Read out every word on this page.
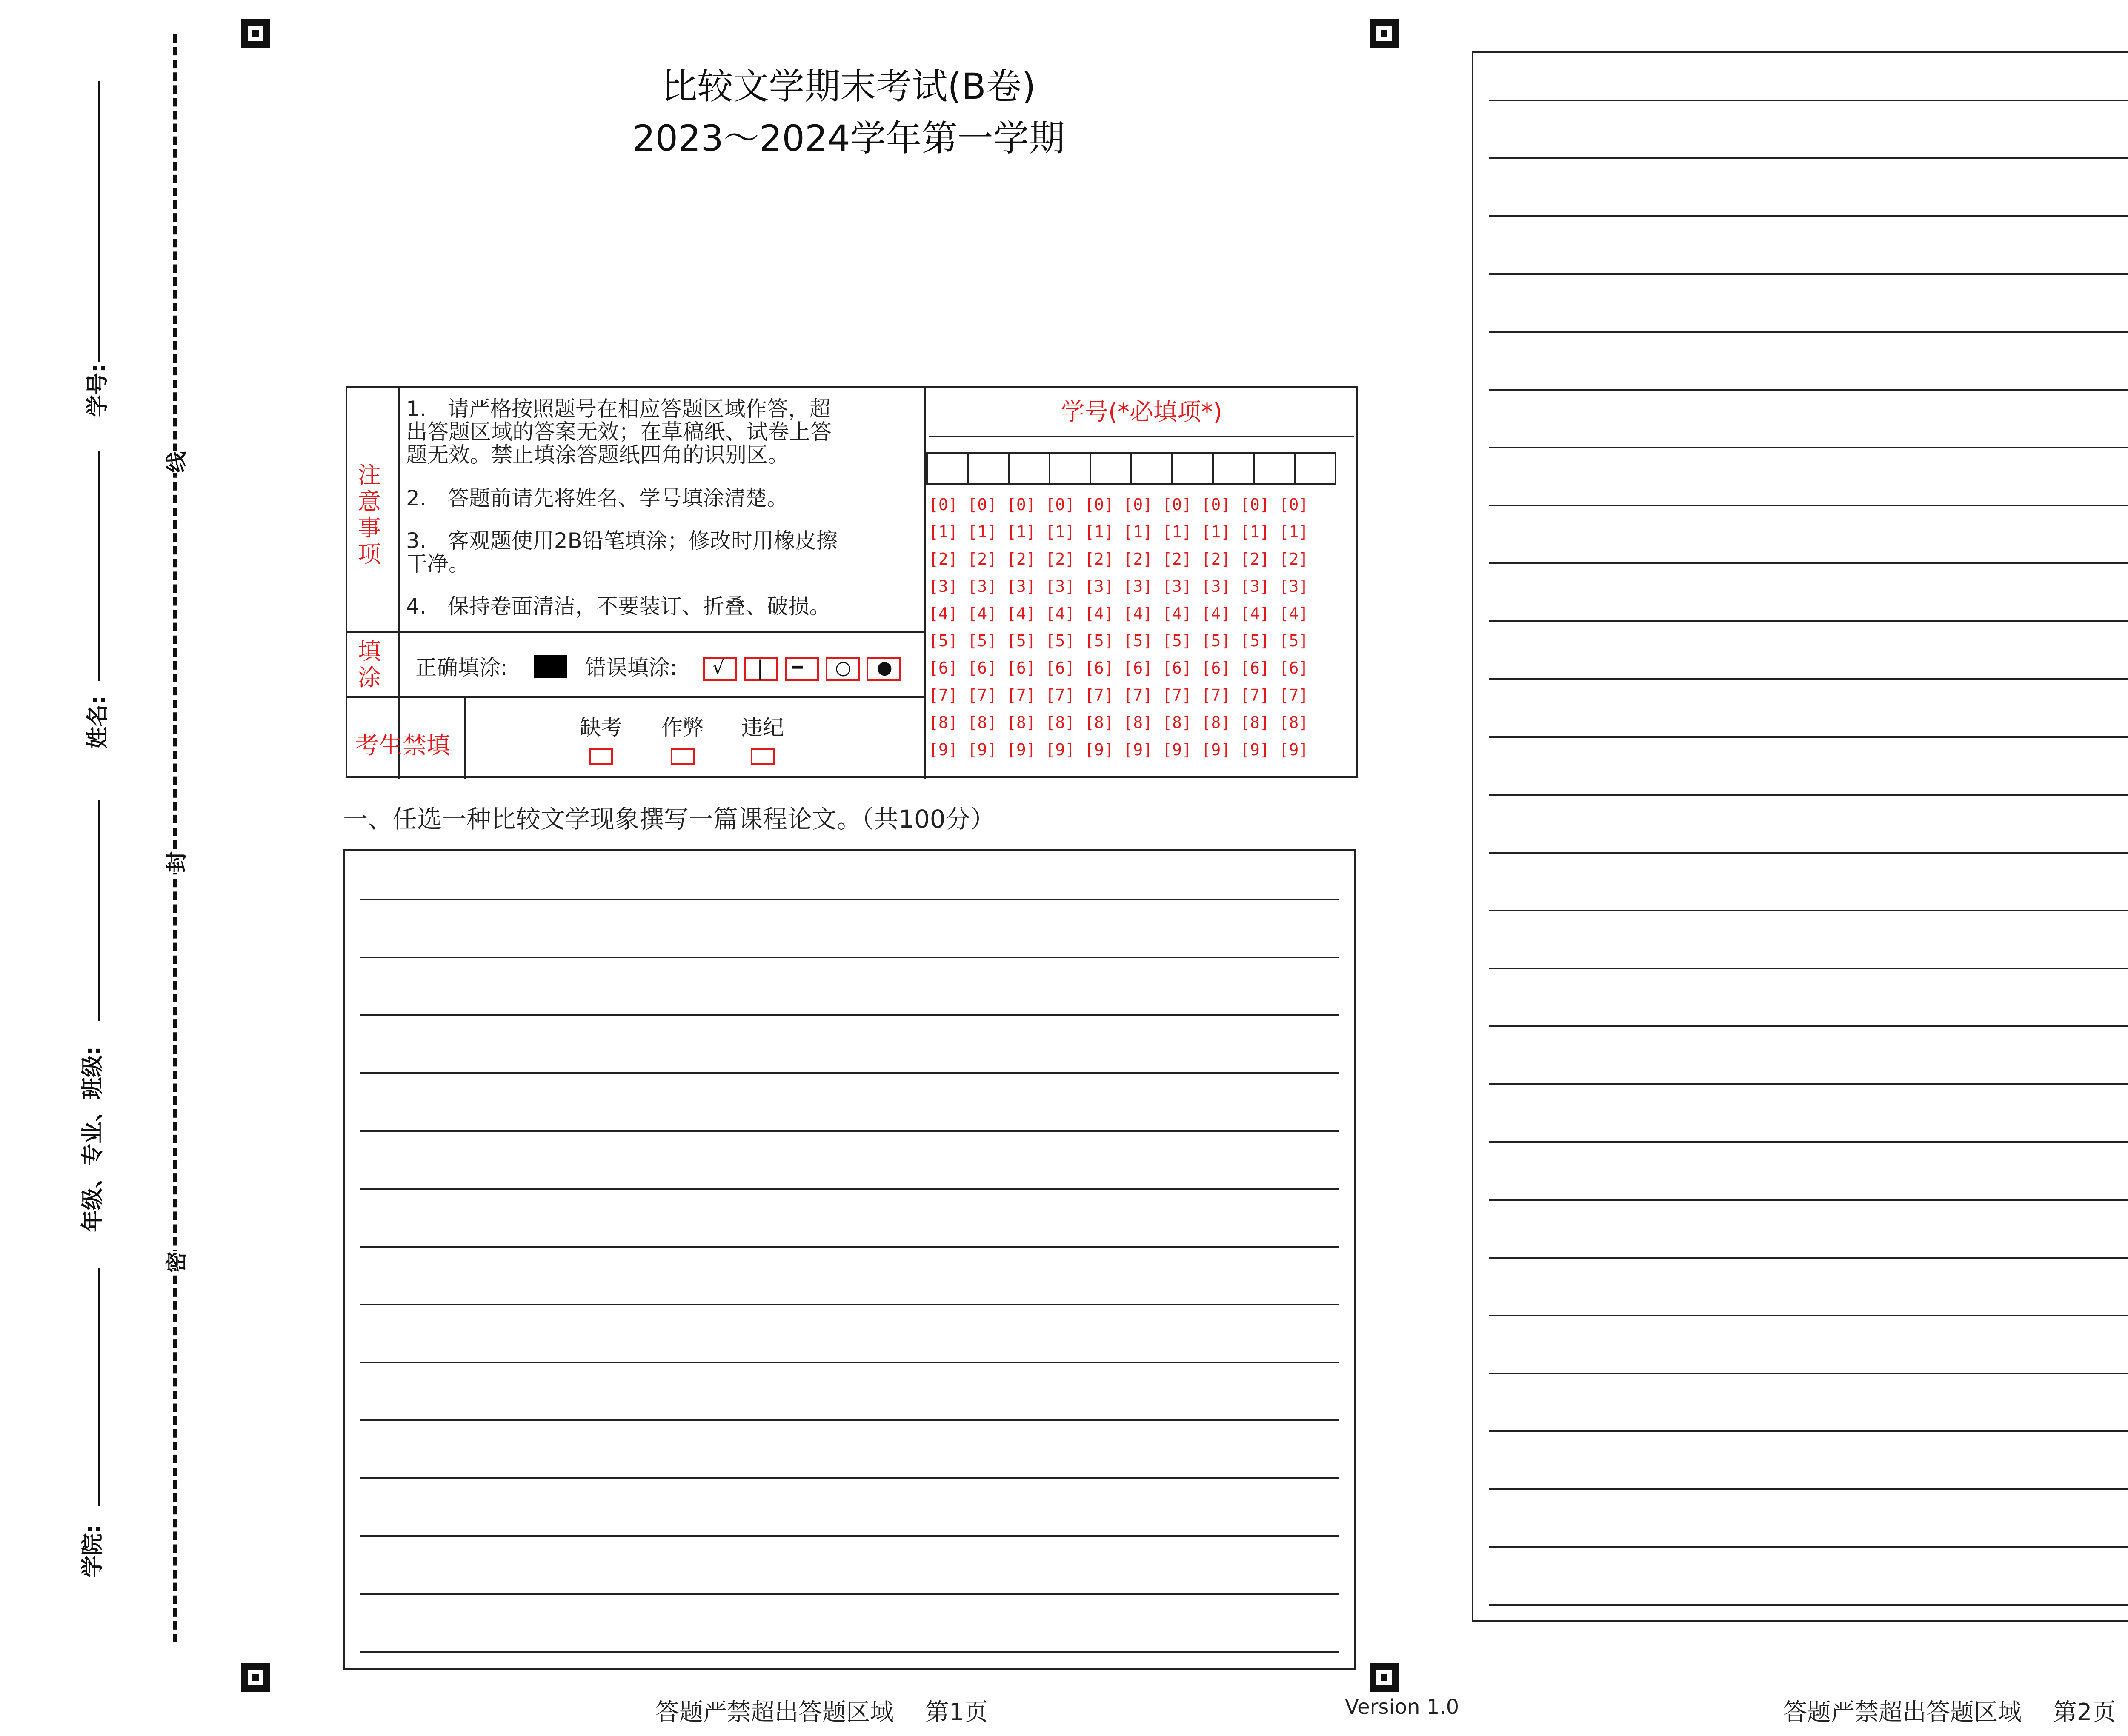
学号:
姓名:
年级、专业、班级:
学院:
线
封
密
比较文学期末考试(B卷)
2023～2024学年第一学期
注意事项
1.　请严格按照题号在相应答题区域作答，超
出答题区域的答案无效；在草稿纸、试卷上答
题无效。禁止填涂答题纸四角的识别区。
2.　答题前请先将姓名、学号填涂清楚。
3.　客观题使用2B铅笔填涂；修改时用橡皮擦
干净。
4.　保持卷面清洁，不要装订、折叠、破损。
填涂 正确填涂:	错误填涂: √ | ━ ○ ●
考生禁填
缺考 作弊 违纪
学号(*必填项*)
[0] [0] [0] [0] [0] [0] [0] [0] [0] [0]
[1] [1] [1] [1] [1] [1] [1] [1] [1] [1]
[2] [2] [2] [2] [2] [2] [2] [2] [2] [2]
[3] [3] [3] [3] [3] [3] [3] [3] [3] [3]
[4] [4] [4] [4] [4] [4] [4] [4] [4] [4]
[5] [5] [5] [5] [5] [5] [5] [5] [5] [5]
[6] [6] [6] [6] [6] [6] [6] [6] [6] [6]
[7] [7] [7] [7] [7] [7] [7] [7] [7] [7]
[8] [8] [8] [8] [8] [8] [8] [8] [8] [8]
[9] [9] [9] [9] [9] [9] [9] [9] [9] [9]
一、任选一种比较文学现象撰写一篇课程论文。（共100分）
答题严禁超出答题区域　 第1页	Version 1.0	答题严禁超出答题区域　 第2页
